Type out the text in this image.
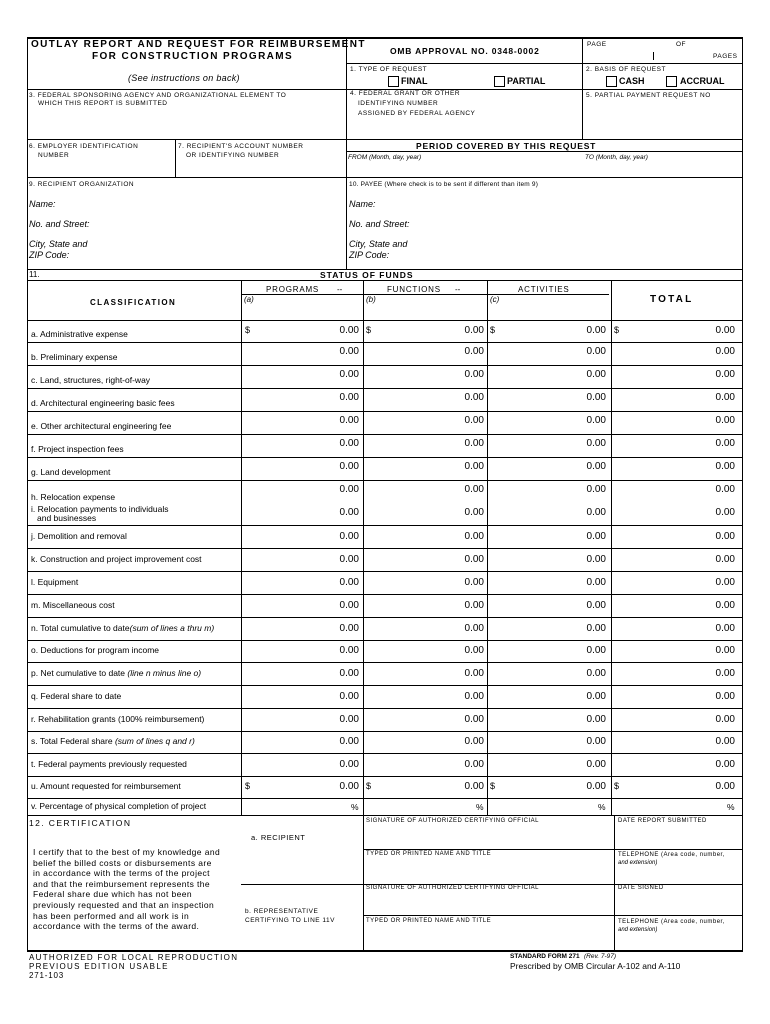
OUTLAY REPORT AND REQUEST FOR REIMBURSEMENT
FOR CONSTRUCTION PROGRAMS
(See instructions on back)
OMB APPROVAL NO. 0348-0002
PAGE	OF
PAGES
1. TYPE OF REQUEST
FINAL	PARTIAL
2. BASIS OF REQUEST
CASH	ACCRUAL
3. FEDERAL SPONSORING AGENCY AND ORGANIZATIONAL ELEMENT TO
WHICH THIS REPORT IS SUBMITTED
4. FEDERAL GRANT OR OTHER
IDENTIFYING NUMBER
ASSIGNED BY FEDERAL AGENCY
5. PARTIAL PAYMENT REQUEST NO
6. EMPLOYER IDENTIFICATION
NUMBER
7. RECIPIENT'S ACCOUNT NUMBER
OR IDENTIFYING NUMBER
PERIOD COVERED BY THIS REQUEST
FROM (Month, day, year)	TO (Month, day, year)
9. RECIPIENT ORGANIZATION
Name:
No. and Street:
City, State and
ZIP Code:
10. PAYEE (Where check is to be sent if different than item 9)
Name:
No. and Street:
City, State and
ZIP Code:
11.	STATUS OF FUNDS
PROGRAMS --	FUNCTIONS --	ACTIVITIES
(a)	(b)	(c)
CLASSIFICATION	TOTAL
a. Administrative expense	$	0.00 $	0.00 $	0.00 $	0.00
b. Preliminary expense	0.00	0.00	0.00	0.00
c. Land, structures, right-of-way	0.00	0.00	0.00	0.00
d. Architectural engineering basic fees	0.00	0.00	0.00	0.00
e. Other architectural engineering fee	0.00	0.00	0.00	0.00
f. Project inspection fees	0.00	0.00	0.00	0.00
g. Land development	0.00	0.00	0.00	0.00
h. Relocation expense
0.00	0.00	0.00	0.00
i. Relocation payments to individuals
and businesses	0.00	0.00	0.00	0.00
j. Demolition and removal	0.00	0.00	0.00	0.00
k. Construction and project improvement cost	0.00	0.00	0.00	0.00
l. Equipment	0.00	0.00	0.00	0.00
m. Miscellaneous cost	0.00	0.00	0.00	0.00
n. Total cumulative to date(sum of lines a thru m)	0.00	0.00	0.00	0.00
o. Deductions for program income	0.00	0.00	0.00	0.00
p. Net cumulative to date (line n minus line o)	0.00	0.00	0.00	0.00
q. Federal share to date	0.00	0.00	0.00	0.00
r. Rehabilitation grants (100% reimbursement)	0.00	0.00	0.00	0.00
s. Total Federal share (sum of lines q and r)	0.00	0.00	0.00	0.00
t. Federal payments previously requested	0.00	0.00	0.00	0.00
u. Amount requested for reimbursement	$	0.00 $	0.00 $	0.00 $	0.00
v. Percentage of physical completion of project	%	%	%	%
12. CERTIFICATION
I certify that to the best of my knowledge and
belief the billed costs or disbursements are
in accordance with the terms of the project
and that the reimbursement represents the
Federal share due which has not been
previously requested and that an inspection
has been performed and all work is in
accordance with the terms of the award.
a. RECIPIENT
b. REPRESENTATIVE
CERTIFYING TO LINE 11V
SIGNATURE OF AUTHORIZED CERTIFYING OFFICIAL	DATE REPORT SUBMITTED
TYPED OR PRINTED NAME AND TITLE	TELEPHONE (Area code, number,
and extension)
SIGNATURE OF AUTHORIZED CERTIFYING OFFICIAL	DATE SIGNED
TYPED OR PRINTED NAME AND TITLE	TELEPHONE (Area code, number,
and extension)
AUTHORIZED FOR LOCAL REPRODUCTION
PREVIOUS EDITION USABLE
271-103
STANDARD FORM 271 (Rev. 7-97)
Prescribed by OMB Circular A-102 and A-110
